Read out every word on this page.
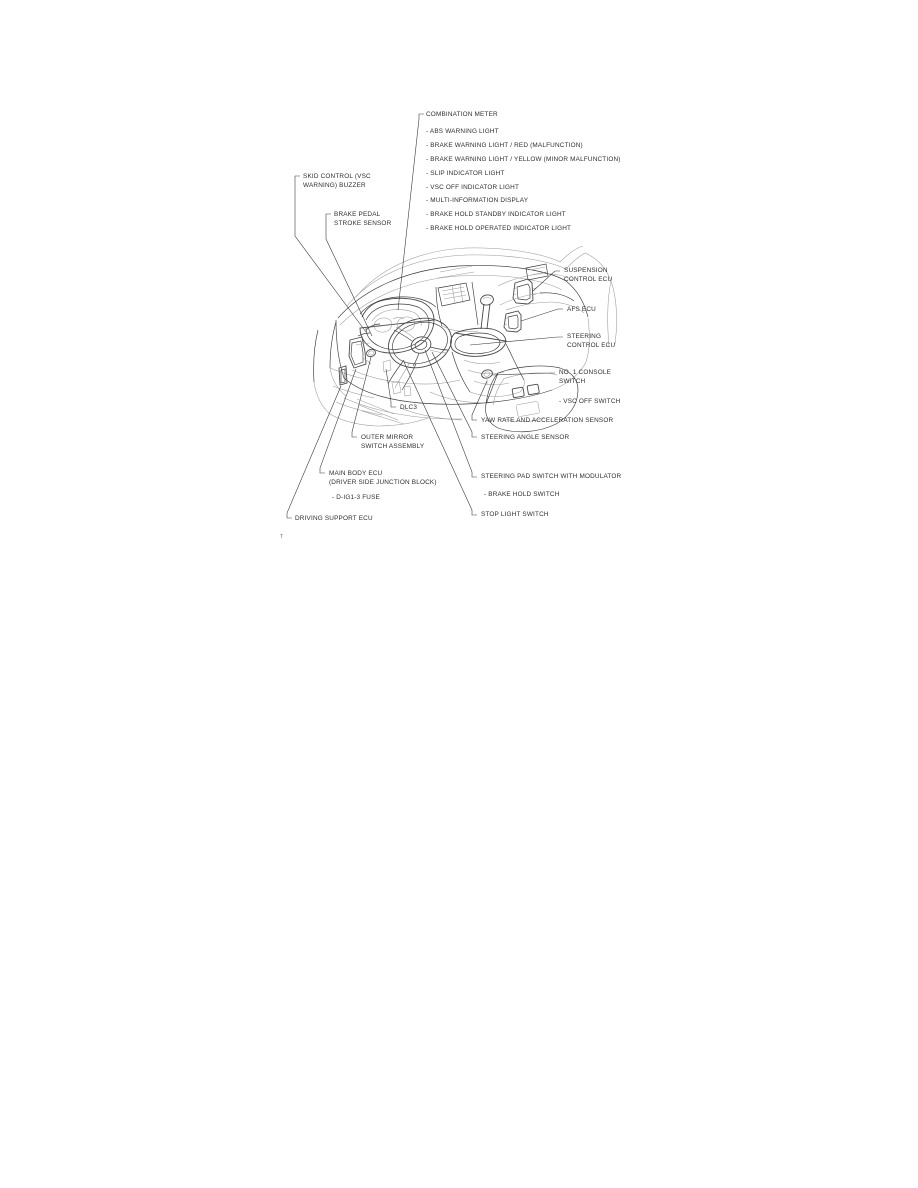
COMBINATION METER
- ABS WARNING LIGHT
- BRAKE WARNING LIGHT / RED (MALFUNCTION)
- BRAKE WARNING LIGHT / YELLOW (MINOR MALFUNCTION)
- SLIP INDICATOR LIGHT
- VSC OFF INDICATOR LIGHT
- MULTI-INFORMATION DISPLAY
- BRAKE HOLD STANDBY INDICATOR LIGHT
- BRAKE HOLD OPERATED INDICATOR LIGHT
SKID CONTROL (VSC
WARNING) BUZZER
BRAKE PEDAL
STROKE SENSOR
SUSPENSION
CONTROL ECU
AFS ECU
STEERING
CONTROL ECU
NO. 1 CONSOLE
SWITCH
- VSC OFF SWITCH
YAW RATE AND ACCELERATION SENSOR
STEERING ANGLE SENSOR
STEERING PAD SWITCH WITH MODULATOR
- BRAKE HOLD SWITCH
STOP LIGHT SWITCH
DLC3
OUTER MIRROR
SWITCH ASSEMBLY
MAIN BODY ECU
(DRIVER SIDE JUNCTION BLOCK)
- D-IG1-3 FUSE
DRIVING SUPPORT ECU
T
